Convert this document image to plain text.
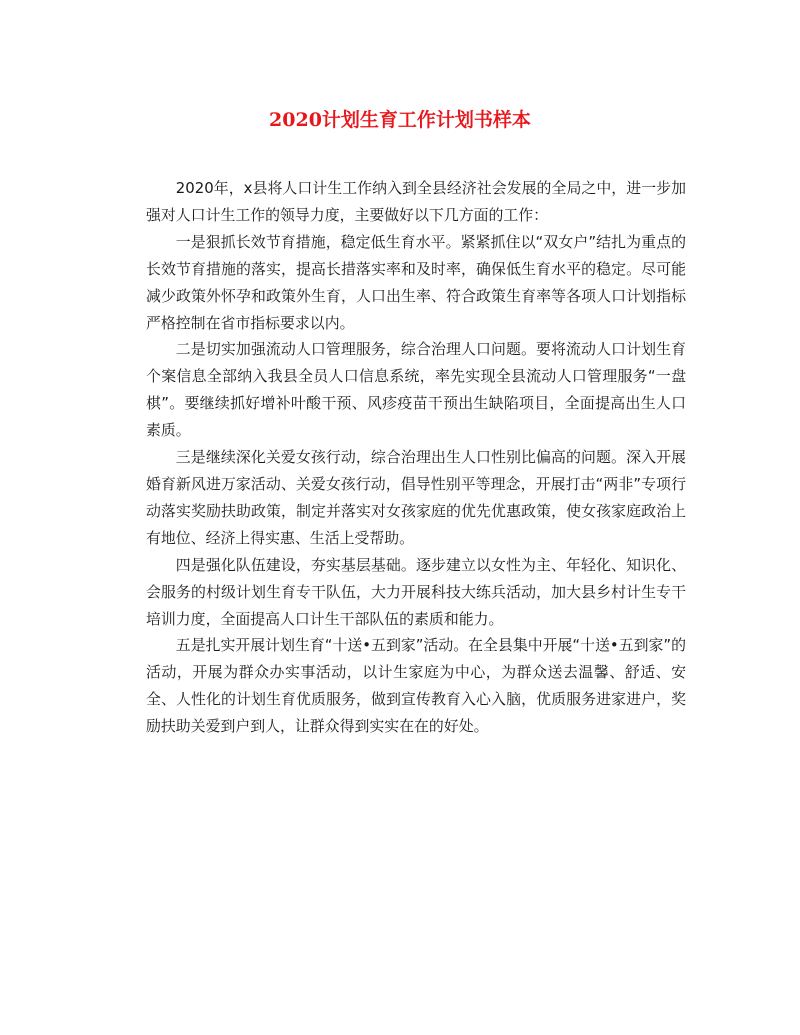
2020计划生育工作计划书样本

2020年，x县将人口计生工作纳入到全县经济社会发展的全局之中，进一步加强对人口计生工作的领导力度，主要做好以下几方面的工作：

一是狠抓长效节育措施，稳定低生育水平。紧紧抓住以“双女户”结扎为重点的长效节育措施的落实，提高长措落实率和及时率，确保低生育水平的稳定。尽可能减少政策外怀孕和政策外生育，人口出生率、符合政策生育率等各项人口计划指标严格控制在省市指标要求以内。

二是切实加强流动人口管理服务，综合治理人口问题。要将流动人口计划生育个案信息全部纳入我县全员人口信息系统，率先实现全县流动人口管理服务“一盘棋”。要继续抓好增补叶酸干预、风疹疫苗干预出生缺陷项目，全面提高出生人口素质。

三是继续深化关爱女孩行动，综合治理出生人口性别比偏高的问题。深入开展婚育新风进万家活动、关爱女孩行动，倡导性别平等理念，开展打击“两非”专项行动落实奖励扶助政策，制定并落实对女孩家庭的优先优惠政策，使女孩家庭政治上有地位、经济上得实惠、生活上受帮助。

四是强化队伍建设，夯实基层基础。逐步建立以女性为主、年轻化、知识化、会服务的村级计划生育专干队伍，大力开展科技大练兵活动，加大县乡村计生专干培训力度，全面提高人口计生干部队伍的素质和能力。

五是扎实开展计划生育“十送•五到家”活动。在全县集中开展“十送•五到家”的活动，开展为群众办实事活动，以计生家庭为中心，为群众送去温馨、舒适、安全、人性化的计划生育优质服务，做到宣传教育入心入脑，优质服务进家进户，奖励扶助关爱到户到人，让群众得到实实在在的好处。
